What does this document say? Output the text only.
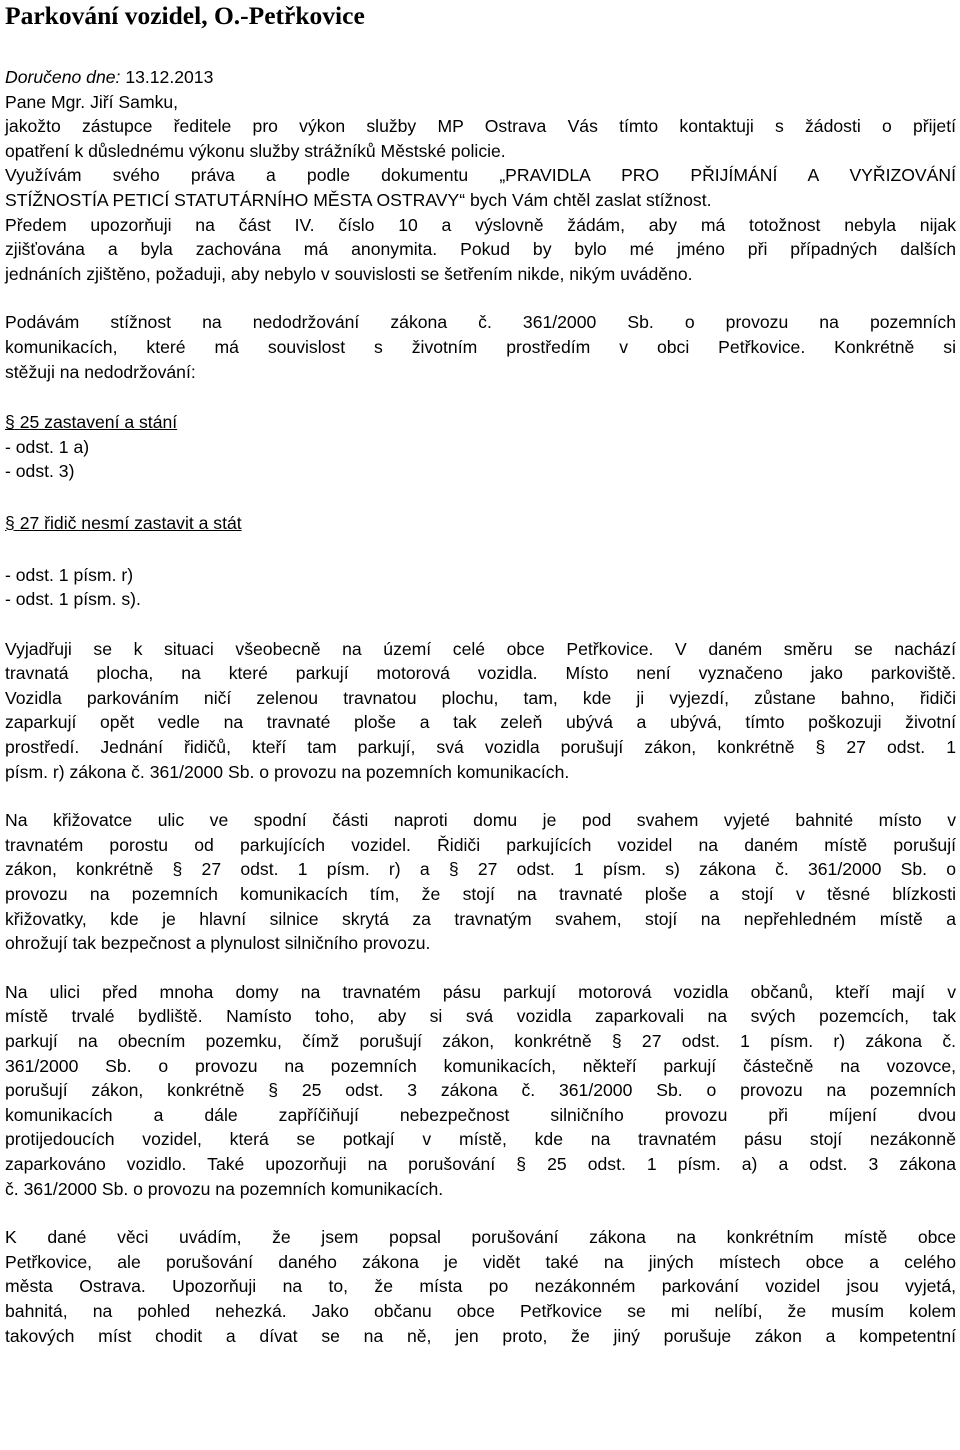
Parkování vozidel, O.-Petřkovice
Doručeno dne: 13.12.2013
Pane Mgr. Jiří Samku,
jakožto zástupce ředitele pro výkon služby MP Ostrava Vás tímto kontaktuji s žádosti o přijetí
opatření k důslednému výkonu služby strážníků Městské policie.
Využívám svého práva a podle dokumentu „PRAVIDLA PRO PŘIJÍMÁNÍ A VYŘIZOVÁNÍ
STÍŽNOSTÍA PETICÍ STATUTÁRNÍHO MĚSTA OSTRAVY“ bych Vám chtěl zaslat stížnost.
Předem upozorňuji na část IV. číslo 10 a výslovně žádám, aby má totožnost nebyla nijak
zjišťována a byla zachována má anonymita. Pokud by bylo mé jméno při případných dalších
jednáních zjištěno, požaduji, aby nebylo v souvislosti se šetřením nikde, nikým uváděno.
Podávám stížnost na nedodržování zákona č. 361/2000 Sb. o provozu na pozemních
komunikacích, které má souvislost s životním prostředím v obci Petřkovice. Konkrétně si
stěžuji na nedodržování:
§ 25 zastavení a stání
- odst. 1 a)
- odst. 3)
§ 27 řidič nesmí zastavit a stát
- odst. 1 písm. r)
- odst. 1 písm. s).
Vyjadřuji se k situaci všeobecně na území celé obce Petřkovice. V daném směru se nachází
travnatá plocha, na které parkují motorová vozidla. Místo není vyznačeno jako parkoviště.
Vozidla parkováním ničí zelenou travnatou plochu, tam, kde ji vyjezdí, zůstane bahno, řidiči
zaparkují opět vedle na travnaté ploše a tak zeleň ubývá a ubývá, tímto poškozuji životní
prostředí. Jednání řidičů, kteří tam parkují, svá vozidla porušují zákon, konkrétně § 27 odst. 1
písm. r) zákona č. 361/2000 Sb. o provozu na pozemních komunikacích.
Na křižovatce ulic ve spodní části naproti domu je pod svahem vyjeté bahnité místo v
travnatém porostu od parkujících vozidel. Řidiči parkujících vozidel na daném místě porušují
zákon, konkrétně § 27 odst. 1 písm. r) a § 27 odst. 1 písm. s) zákona č. 361/2000 Sb. o
provozu na pozemních komunikacích tím, že stojí na travnaté ploše a stojí v těsné blízkosti
křižovatky, kde je hlavní silnice skrytá za travnatým svahem, stojí na nepřehledném místě a
ohrožují tak bezpečnost a plynulost silničního provozu.
Na ulici před mnoha domy na travnatém pásu parkují motorová vozidla občanů, kteří mají v
místě trvalé bydliště. Namísto toho, aby si svá vozidla zaparkovali na svých pozemcích, tak
parkují na obecním pozemku, čímž porušují zákon, konkrétně § 27 odst. 1 písm. r) zákona č.
361/2000 Sb. o provozu na pozemních komunikacích, někteří parkují částečně na vozovce,
porušují zákon, konkrétně § 25 odst. 3 zákona č. 361/2000 Sb. o provozu na pozemních
komunikacích a dále zapříčiňují nebezpečnost silničního provozu při míjení dvou
protijedoucích vozidel, která se potkají v místě, kde na travnatém pásu stojí nezákonně
zaparkováno vozidlo. Také upozorňuji na porušování § 25 odst. 1 písm. a) a odst. 3 zákona
č. 361/2000 Sb. o provozu na pozemních komunikacích.
K dané věci uvádím, že jsem popsal porušování zákona na konkrétním místě obce
Petřkovice, ale porušování daného zákona je vidět také na jiných místech obce a celého
města Ostrava. Upozorňuji na to, že místa po nezákonném parkování vozidel jsou vyjetá,
bahnitá, na pohled nehezká. Jako občanu obce Petřkovice se mi nelíbí, že musím kolem
takových míst chodit a dívat se na ně, jen proto, že jiný porušuje zákon a kompetentní
